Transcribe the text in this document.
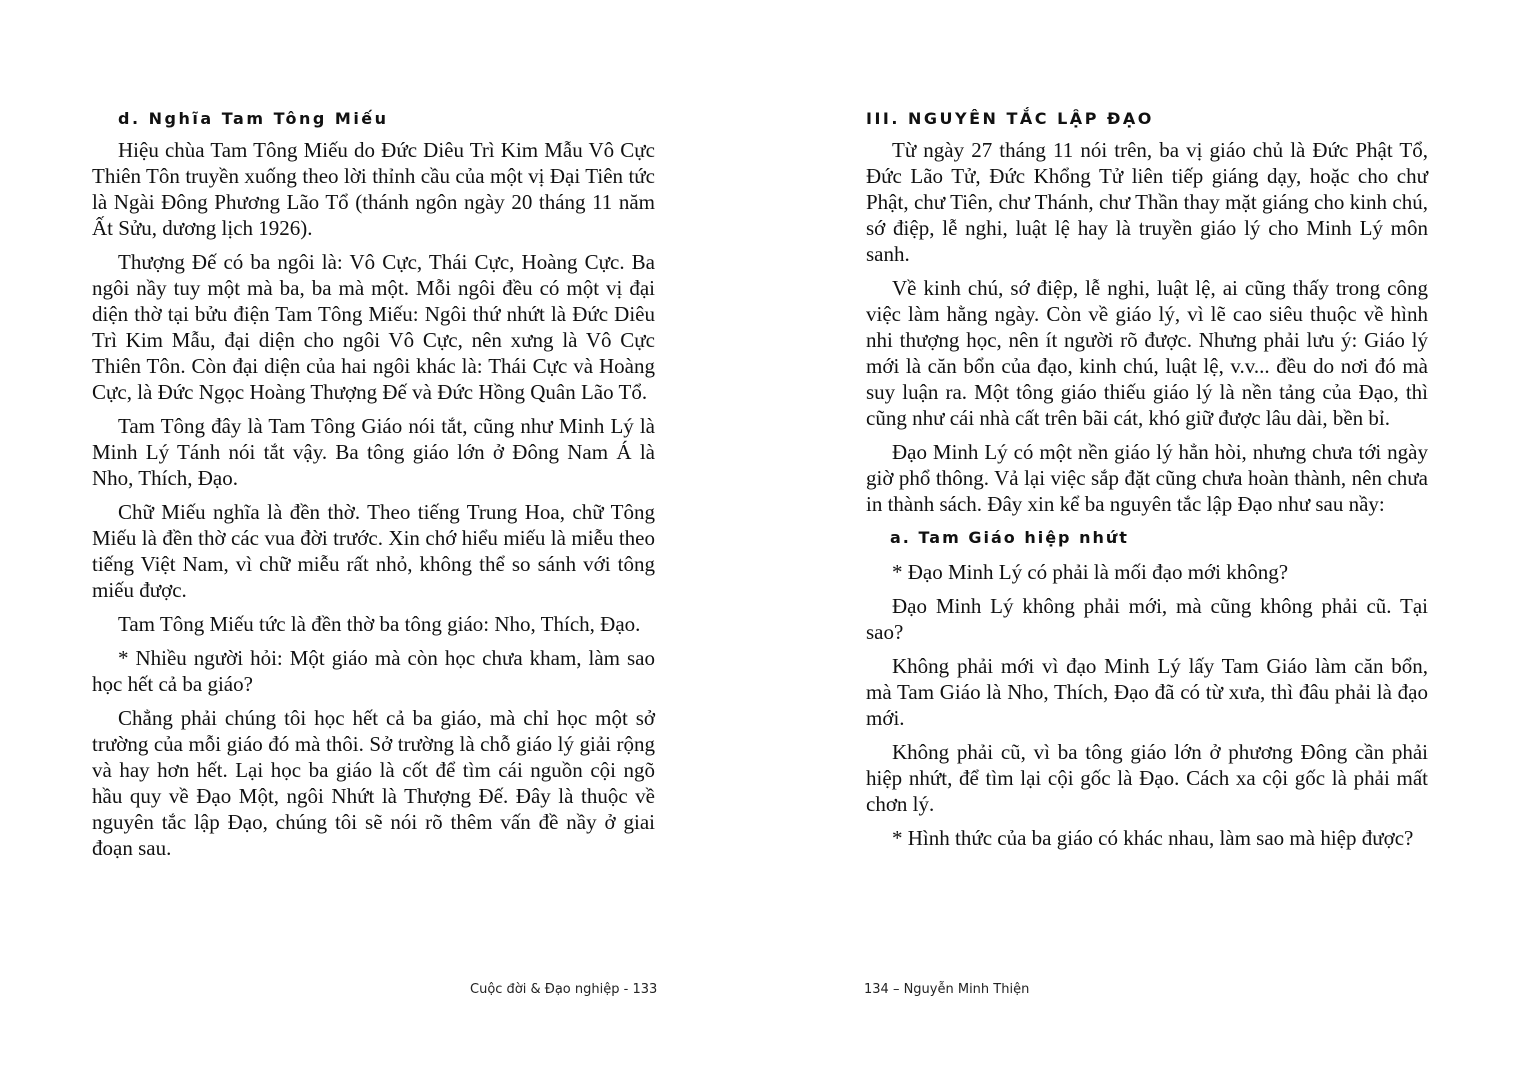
d. Nghĩa Tam Tông Miếu

Hiệu chùa Tam Tông Miếu do Đức Diêu Trì Kim Mẫu Vô Cực Thiên Tôn truyền xuống theo lời thỉnh cầu của một vị Đại Tiên tức là Ngài Đông Phương Lão Tổ (thánh ngôn ngày 20 tháng 11 năm Ất Sửu, dương lịch 1926).

Thượng Đế có ba ngôi là: Vô Cực, Thái Cực, Hoàng Cực. Ba ngôi nầy tuy một mà ba, ba mà một. Mỗi ngôi đều có một vị đại diện thờ tại bửu điện Tam Tông Miếu: Ngôi thứ nhứt là Đức Diêu Trì Kim Mẫu, đại diện cho ngôi Vô Cực, nên xưng là Vô Cực Thiên Tôn. Còn đại diện của hai ngôi khác là: Thái Cực và Hoàng Cực, là Đức Ngọc Hoàng Thượng Đế và Đức Hồng Quân Lão Tổ.

Tam Tông đây là Tam Tông Giáo nói tắt, cũng như Minh Lý là Minh Lý Tánh nói tắt vậy. Ba tông giáo lớn ở Đông Nam Á là Nho, Thích, Đạo.

Chữ Miếu nghĩa là đền thờ. Theo tiếng Trung Hoa, chữ Tông Miếu là đền thờ các vua đời trước. Xin chớ hiểu miếu là miễu theo tiếng Việt Nam, vì chữ miễu rất nhỏ, không thể so sánh với tông miếu được.

Tam Tông Miếu tức là đền thờ ba tông giáo: Nho, Thích, Đạo.

* Nhiều người hỏi: Một giáo mà còn học chưa kham, làm sao học hết cả ba giáo?

Chẳng phải chúng tôi học hết cả ba giáo, mà chỉ học một sở trường của mỗi giáo đó mà thôi. Sở trường là chỗ giáo lý giải rộng và hay hơn hết. Lại học ba giáo là cốt để tìm cái nguồn cội ngõ hầu quy về Đạo Một, ngôi Nhứt là Thượng Đế. Đây là thuộc về nguyên tắc lập Đạo, chúng tôi sẽ nói rõ thêm vấn đề nầy ở giai đoạn sau.

Cuộc đời & Đạo nghiệp - 133
III. NGUYÊN TẮC LẬP ĐẠO

Từ ngày 27 tháng 11 nói trên, ba vị giáo chủ là Đức Phật Tổ, Đức Lão Tử, Đức Khổng Tử liên tiếp giáng dạy, hoặc cho chư Phật, chư Tiên, chư Thánh, chư Thần thay mặt giáng cho kinh chú, sớ điệp, lễ nghi, luật lệ hay là truyền giáo lý cho Minh Lý môn sanh.

Về kinh chú, sớ điệp, lễ nghi, luật lệ, ai cũng thấy trong công việc làm hằng ngày. Còn về giáo lý, vì lẽ cao siêu thuộc về hình nhi thượng học, nên ít người rõ được. Nhưng phải lưu ý: Giáo lý mới là căn bổn của đạo, kinh chú, luật lệ, v.v... đều do nơi đó mà suy luận ra. Một tông giáo thiếu giáo lý là nền tảng của Đạo, thì cũng như cái nhà cất trên bãi cát, khó giữ được lâu dài, bền bỉ.

Đạo Minh Lý có một nền giáo lý hẳn hòi, nhưng chưa tới ngày giờ phổ thông. Vả lại việc sắp đặt cũng chưa hoàn thành, nên chưa in thành sách. Đây xin kể ba nguyên tắc lập Đạo như sau nầy:

a. Tam Giáo hiệp nhứt

* Đạo Minh Lý có phải là mối đạo mới không?

Đạo Minh Lý không phải mới, mà cũng không phải cũ. Tại sao?

Không phải mới vì đạo Minh Lý lấy Tam Giáo làm căn bổn, mà Tam Giáo là Nho, Thích, Đạo đã có từ xưa, thì đâu phải là đạo mới.

Không phải cũ, vì ba tông giáo lớn ở phương Đông cần phải hiệp nhứt, để tìm lại cội gốc là Đạo. Cách xa cội gốc là phải mất chơn lý.

* Hình thức của ba giáo có khác nhau, làm sao mà hiệp được?

134 – Nguyễn Minh Thiện
